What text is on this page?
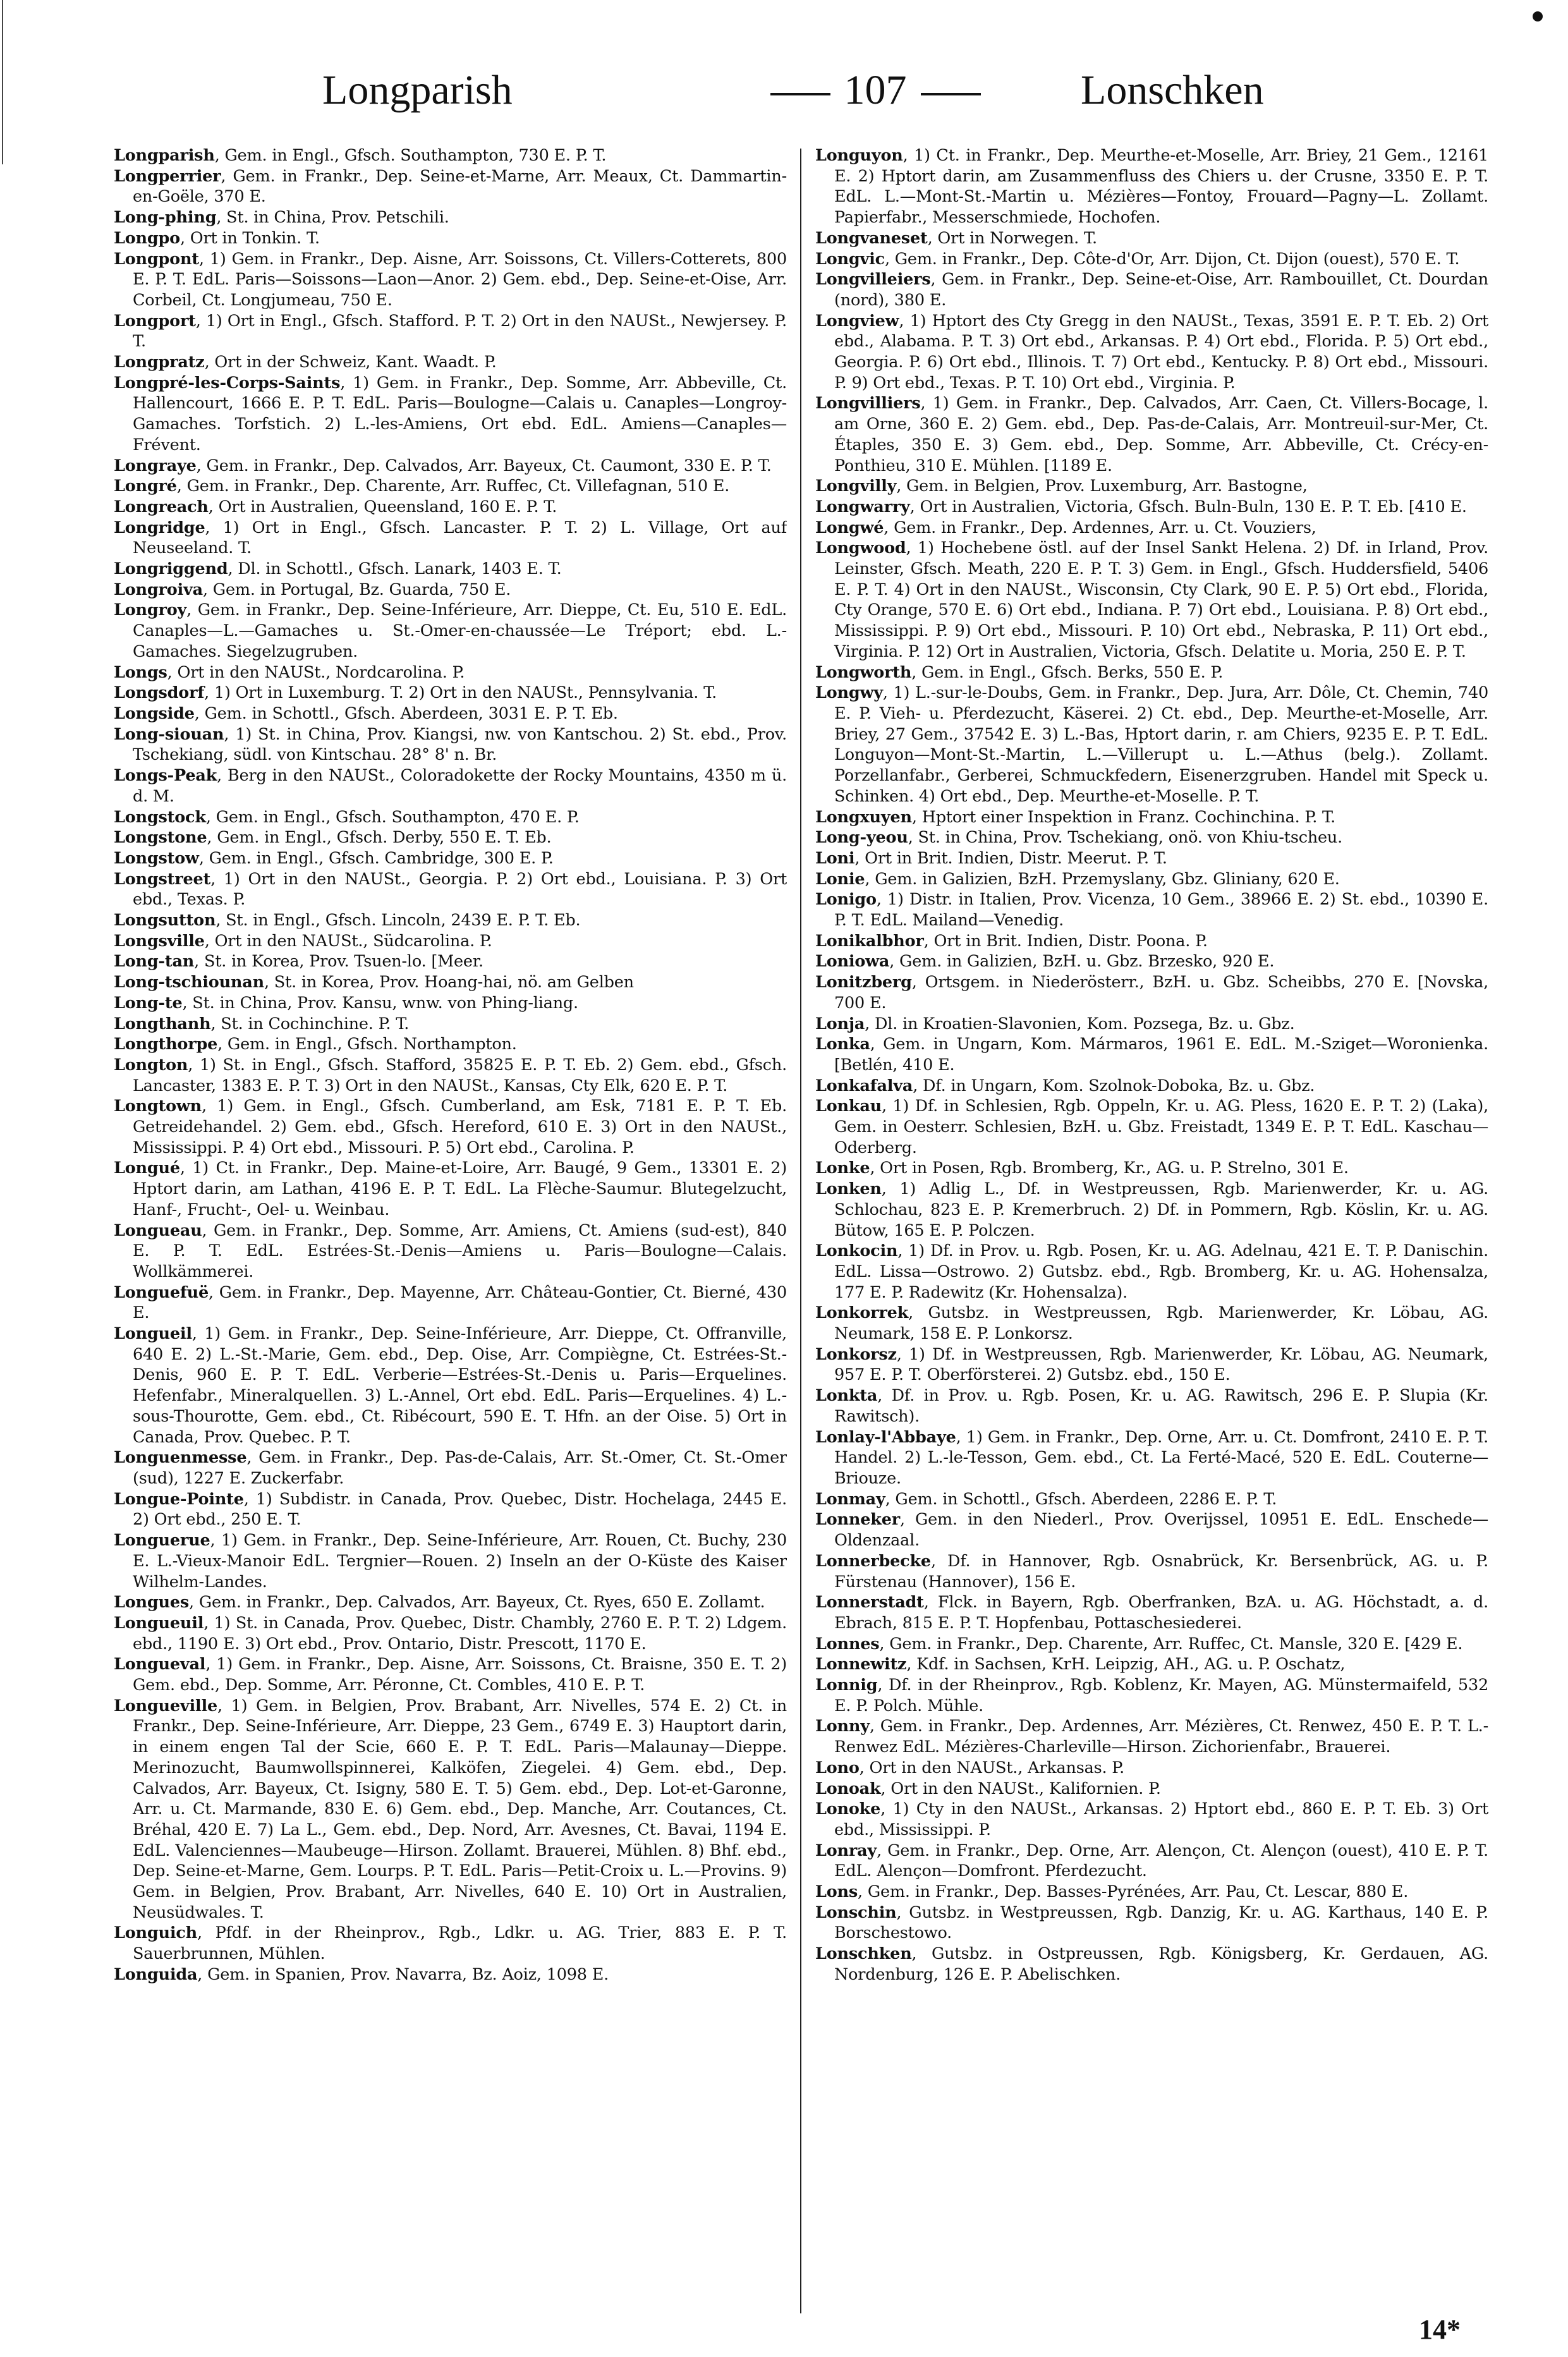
Longparish	107	Lonschken

Longparish, Gem. in Engl., Gfsch. Southampton, 730 E. P. T.

Longperrier, Gem. in Frankr., Dep. Seine-et-Marne, Arr. Meaux, Ct. Dammartin-en-Goële, 370 E.

Long-phing, St. in China, Prov. Petschili.

Longpo, Ort in Tonkin. T.

Longpont, 1) Gem. in Frankr., Dep. Aisne, Arr. Soissons, Ct. Villers-Cotterets, 800 E. P. T. EdL. Paris—Soissons—Laon—Anor. 2) Gem. ebd., Dep. Seine-et-Oise, Arr. Corbeil, Ct. Longjumeau, 750 E.

Longport, 1) Ort in Engl., Gfsch. Stafford. P. T. 2) Ort in den NAUSt., Newjersey. P. T.

Longpratz, Ort in der Schweiz, Kant. Waadt. P.

Longpré-les-Corps-Saints, 1) Gem. in Frankr., Dep. Somme, Arr. Abbeville, Ct. Hallencourt, 1666 E. P. T. EdL. Paris—Boulogne—Calais u. Canaples—Longroy-Gamaches. Torfstich. 2) L.-les-Amiens, Ort ebd. EdL. Amiens—Canaples—Frévent.

Longraye, Gem. in Frankr., Dep. Calvados, Arr. Bayeux, Ct. Caumont, 330 E. P. T.

Longré, Gem. in Frankr., Dep. Charente, Arr. Ruffec, Ct. Villefagnan, 510 E.

Longreach, Ort in Australien, Queensland, 160 E. P. T.

Longridge, 1) Ort in Engl., Gfsch. Lancaster. P. T. 2) L. Village, Ort auf Neuseeland. T.

Longriggend, Dl. in Schottl., Gfsch. Lanark, 1403 E. T.

Longroiva, Gem. in Portugal, Bz. Guarda, 750 E.

Longroy, Gem. in Frankr., Dep. Seine-Inférieure, Arr. Dieppe, Ct. Eu, 510 E. EdL. Canaples—L.—Gamaches u. St.-Omer-en-chaussée—Le Tréport; ebd. L.-Gamaches. Siegelzugruben.

Longs, Ort in den NAUSt., Nordcarolina. P.

Longsdorf, 1) Ort in Luxemburg. T. 2) Ort in den NAUSt., Pennsylvania. T.

Longside, Gem. in Schottl., Gfsch. Aberdeen, 3031 E. P. T. Eb.

Long-siouan, 1) St. in China, Prov. Kiangsi, nw. von Kantschou. 2) St. ebd., Prov. Tschekiang, südl. von Kintschau. 28° 8' n. Br.

Longs-Peak, Berg in den NAUSt., Coloradokette der Rocky Mountains, 4350 m ü. d. M.

Longstock, Gem. in Engl., Gfsch. Southampton, 470 E. P.

Longstone, Gem. in Engl., Gfsch. Derby, 550 E. T. Eb.

Longstow, Gem. in Engl., Gfsch. Cambridge, 300 E. P.

Longstreet, 1) Ort in den NAUSt., Georgia. P. 2) Ort ebd., Louisiana. P. 3) Ort ebd., Texas. P.

Longsutton, St. in Engl., Gfsch. Lincoln, 2439 E. P. T. Eb.

Longsville, Ort in den NAUSt., Südcarolina. P.

Long-tan, St. in Korea, Prov. Tsuen-lo. [Meer.

Long-tschiounan, St. in Korea, Prov. Hoang-hai, nö. am Gelben

Long-te, St. in China, Prov. Kansu, wnw. von Phing-liang.

Longthanh, St. in Cochinchine. P. T.

Longthorpe, Gem. in Engl., Gfsch. Northampton.

Longton, 1) St. in Engl., Gfsch. Stafford, 35825 E. P. T. Eb. 2) Gem. ebd., Gfsch. Lancaster, 1383 E. P. T. 3) Ort in den NAUSt., Kansas, Cty Elk, 620 E. P. T.

Longtown, 1) Gem. in Engl., Gfsch. Cumberland, am Esk, 7181 E. P. T. Eb. Getreidehandel. 2) Gem. ebd., Gfsch. Hereford, 610 E. 3) Ort in den NAUSt., Mississippi. P. 4) Ort ebd., Missouri. P. 5) Ort ebd., Carolina. P.

Longué, 1) Ct. in Frankr., Dep. Maine-et-Loire, Arr. Baugé, 9 Gem., 13301 E. 2) Hptort darin, am Lathan, 4196 E. P. T. EdL. La Flèche-Saumur. Blutegelzucht, Hanf-, Frucht-, Oel- u. Weinbau.

Longueau, Gem. in Frankr., Dep. Somme, Arr. Amiens, Ct. Amiens (sud-est), 840 E. P. T. EdL. Estrées-St.-Denis—Amiens u. Paris—Boulogne—Calais. Wollkämmerei.

Longuefuë, Gem. in Frankr., Dep. Mayenne, Arr. Château-Gontier, Ct. Bierné, 430 E.

Longueil, 1) Gem. in Frankr., Dep. Seine-Inférieure, Arr. Dieppe, Ct. Offranville, 640 E. 2) L.-St.-Marie, Gem. ebd., Dep. Oise, Arr. Compiègne, Ct. Estrées-St.-Denis, 960 E. P. T. EdL. Verberie—Estrées-St.-Denis u. Paris—Erquelines. Hefenfabr., Mineralquellen. 3) L.-Annel, Ort ebd. EdL. Paris—Erquelines. 4) L.-sous-Thourotte, Gem. ebd., Ct. Ribécourt, 590 E. T. Hfn. an der Oise. 5) Ort in Canada, Prov. Quebec. P. T.

Longuenmesse, Gem. in Frankr., Dep. Pas-de-Calais, Arr. St.-Omer, Ct. St.-Omer (sud), 1227 E. Zuckerfabr.

Longue-Pointe, 1) Subdistr. in Canada, Prov. Quebec, Distr. Hochelaga, 2445 E. 2) Ort ebd., 250 E. T.

Longuerue, 1) Gem. in Frankr., Dep. Seine-Inférieure, Arr. Rouen, Ct. Buchy, 230 E. L.-Vieux-Manoir EdL. Tergnier—Rouen. 2) Inseln an der O-Küste des Kaiser Wilhelm-Landes.

Longues, Gem. in Frankr., Dep. Calvados, Arr. Bayeux, Ct. Ryes, 650 E. Zollamt.

Longueuil, 1) St. in Canada, Prov. Quebec, Distr. Chambly, 2760 E. P. T. 2) Ldgem. ebd., 1190 E. 3) Ort ebd., Prov. Ontario, Distr. Prescott, 1170 E.

Longueval, 1) Gem. in Frankr., Dep. Aisne, Arr. Soissons, Ct. Braisne, 350 E. T. 2) Gem. ebd., Dep. Somme, Arr. Péronne, Ct. Combles, 410 E. P. T.

Longueville, 1) Gem. in Belgien, Prov. Brabant, Arr. Nivelles, 574 E. 2) Ct. in Frankr., Dep. Seine-Inférieure, Arr. Dieppe, 23 Gem., 6749 E. 3) Hauptort darin, in einem engen Tal der Scie, 660 E. P. T. EdL. Paris—Malaunay—Dieppe. Merinozucht, Baumwollspinnerei, Kalköfen, Ziegelei. 4) Gem. ebd., Dep. Calvados, Arr. Bayeux, Ct. Isigny, 580 E. T. 5) Gem. ebd., Dep. Lot-et-Garonne, Arr. u. Ct. Marmande, 830 E. 6) Gem. ebd., Dep. Manche, Arr. Coutances, Ct. Bréhal, 420 E. 7) La L., Gem. ebd., Dep. Nord, Arr. Avesnes, Ct. Bavai, 1194 E. EdL. Valenciennes—Maubeuge—Hirson. Zollamt. Brauerei, Mühlen. 8) Bhf. ebd., Dep. Seine-et-Marne, Gem. Lourps. P. T. EdL. Paris—Petit-Croix u. L.—Provins. 9) Gem. in Belgien, Prov. Brabant, Arr. Nivelles, 640 E. 10) Ort in Australien, Neusüdwales. T.

Longuich, Pfdf. in der Rheinprov., Rgb., Ldkr. u. AG. Trier, 883 E. P. T. Sauerbrunnen, Mühlen.

Longuida, Gem. in Spanien, Prov. Navarra, Bz. Aoiz, 1098 E.

Longuyon, 1) Ct. in Frankr., Dep. Meurthe-et-Moselle, Arr. Briey, 21 Gem., 12161 E. 2) Hptort darin, am Zusammenfluss des Chiers u. der Crusne, 3350 E. P. T. EdL. L.—Mont-St.-Martin u. Mézières—Fontoy, Frouard—Pagny—L. Zollamt. Papierfabr., Messerschmiede, Hochofen.

Longvaneset, Ort in Norwegen. T.

Longvic, Gem. in Frankr., Dep. Côte-d'Or, Arr. Dijon, Ct. Dijon (ouest), 570 E. T.

Longvilleiers, Gem. in Frankr., Dep. Seine-et-Oise, Arr. Rambouillet, Ct. Dourdan (nord), 380 E.

Longview, 1) Hptort des Cty Gregg in den NAUSt., Texas, 3591 E. P. T. Eb. 2) Ort ebd., Alabama. P. T. 3) Ort ebd., Arkansas. P. 4) Ort ebd., Florida. P. 5) Ort ebd., Georgia. P. 6) Ort ebd., Illinois. T. 7) Ort ebd., Kentucky. P. 8) Ort ebd., Missouri. P. 9) Ort ebd., Texas. P. T. 10) Ort ebd., Virginia. P.

Longvilliers, 1) Gem. in Frankr., Dep. Calvados, Arr. Caen, Ct. Villers-Bocage, l. am Orne, 360 E. 2) Gem. ebd., Dep. Pas-de-Calais, Arr. Montreuil-sur-Mer, Ct. Étaples, 350 E. 3) Gem. ebd., Dep. Somme, Arr. Abbeville, Ct. Crécy-en-Ponthieu, 310 E. Mühlen. [1189 E.

Longvilly, Gem. in Belgien, Prov. Luxemburg, Arr. Bastogne,

Longwarry, Ort in Australien, Victoria, Gfsch. Buln-Buln, 130 E. P. T. Eb. [410 E.

Longwé, Gem. in Frankr., Dep. Ardennes, Arr. u. Ct. Vouziers,

Longwood, 1) Hochebene östl. auf der Insel Sankt Helena. 2) Df. in Irland, Prov. Leinster, Gfsch. Meath, 220 E. P. T. 3) Gem. in Engl., Gfsch. Huddersfield, 5406 E. P. T. 4) Ort in den NAUSt., Wisconsin, Cty Clark, 90 E. P. 5) Ort ebd., Florida, Cty Orange, 570 E. 6) Ort ebd., Indiana. P. 7) Ort ebd., Louisiana. P. 8) Ort ebd., Mississippi. P. 9) Ort ebd., Missouri. P. 10) Ort ebd., Nebraska, P. 11) Ort ebd., Virginia. P. 12) Ort in Australien, Victoria, Gfsch. Delatite u. Moria, 250 E. P. T.

Longworth, Gem. in Engl., Gfsch. Berks, 550 E. P.

Longwy, 1) L.-sur-le-Doubs, Gem. in Frankr., Dep. Jura, Arr. Dôle, Ct. Chemin, 740 E. P. Vieh- u. Pferdezucht, Käserei. 2) Ct. ebd., Dep. Meurthe-et-Moselle, Arr. Briey, 27 Gem., 37542 E. 3) L.-Bas, Hptort darin, r. am Chiers, 9235 E. P. T. EdL. Longuyon—Mont-St.-Martin, L.—Villerupt u. L.—Athus (belg.). Zollamt. Porzellanfabr., Gerberei, Schmuckfedern, Eisenerzgruben. Handel mit Speck u. Schinken. 4) Ort ebd., Dep. Meurthe-et-Moselle. P. T.

Longxuyen, Hptort einer Inspektion in Franz. Cochinchina. P. T.

Long-yeou, St. in China, Prov. Tschekiang, onö. von Khiu-tscheu.

Loni, Ort in Brit. Indien, Distr. Meerut. P. T.

Lonie, Gem. in Galizien, BzH. Przemyslany, Gbz. Gliniany, 620 E.

Lonigo, 1) Distr. in Italien, Prov. Vicenza, 10 Gem., 38966 E. 2) St. ebd., 10390 E. P. T. EdL. Mailand—Venedig.

Lonikalbhor, Ort in Brit. Indien, Distr. Poona. P.

Loniowa, Gem. in Galizien, BzH. u. Gbz. Brzesko, 920 E.

Lonitzberg, Ortsgem. in Niederösterr., BzH. u. Gbz. Scheibbs, 270 E. [Novska, 700 E.

Lonja, Dl. in Kroatien-Slavonien, Kom. Pozsega, Bz. u. Gbz.

Lonka, Gem. in Ungarn, Kom. Mármaros, 1961 E. EdL. M.-Sziget—Woronienka. [Betlén, 410 E.

Lonkafalva, Df. in Ungarn, Kom. Szolnok-Doboka, Bz. u. Gbz.

Lonkau, 1) Df. in Schlesien, Rgb. Oppeln, Kr. u. AG. Pless, 1620 E. P. T. 2) (Laka), Gem. in Oesterr. Schlesien, BzH. u. Gbz. Freistadt, 1349 E. P. T. EdL. Kaschau—Oderberg.

Lonke, Ort in Posen, Rgb. Bromberg, Kr., AG. u. P. Strelno, 301 E.

Lonken, 1) Adlig L., Df. in Westpreussen, Rgb. Marienwerder, Kr. u. AG. Schlochau, 823 E. P. Kremerbruch. 2) Df. in Pommern, Rgb. Köslin, Kr. u. AG. Bütow, 165 E. P. Polczen.

Lonkocin, 1) Df. in Prov. u. Rgb. Posen, Kr. u. AG. Adelnau, 421 E. T. P. Danischin. EdL. Lissa—Ostrowo. 2) Gutsbz. ebd., Rgb. Bromberg, Kr. u. AG. Hohensalza, 177 E. P. Radewitz (Kr. Hohensalza).

Lonkorrek, Gutsbz. in Westpreussen, Rgb. Marienwerder, Kr. Löbau, AG. Neumark, 158 E. P. Lonkorsz.

Lonkorsz, 1) Df. in Westpreussen, Rgb. Marienwerder, Kr. Löbau, AG. Neumark, 957 E. P. T. Oberförsterei. 2) Gutsbz. ebd., 150 E.

Lonkta, Df. in Prov. u. Rgb. Posen, Kr. u. AG. Rawitsch, 296 E. P. Slupia (Kr. Rawitsch).

Lonlay-l'Abbaye, 1) Gem. in Frankr., Dep. Orne, Arr. u. Ct. Domfront, 2410 E. P. T. Handel. 2) L.-le-Tesson, Gem. ebd., Ct. La Ferté-Macé, 520 E. EdL. Couterne—Briouze.

Lonmay, Gem. in Schottl., Gfsch. Aberdeen, 2286 E. P. T.

Lonneker, Gem. in den Niederl., Prov. Overijssel, 10951 E. EdL. Enschede—Oldenzaal.

Lonnerbecke, Df. in Hannover, Rgb. Osnabrück, Kr. Bersenbrück, AG. u. P. Fürstenau (Hannover), 156 E.

Lonnerstadt, Flck. in Bayern, Rgb. Oberfranken, BzA. u. AG. Höchstadt, a. d. Ebrach, 815 E. P. T. Hopfenbau, Pottaschesiederei.

Lonnes, Gem. in Frankr., Dep. Charente, Arr. Ruffec, Ct. Mansle, 320 E. [429 E.

Lonnewitz, Kdf. in Sachsen, KrH. Leipzig, AH., AG. u. P. Oschatz,

Lonnig, Df. in der Rheinprov., Rgb. Koblenz, Kr. Mayen, AG. Münstermaifeld, 532 E. P. Polch. Mühle.

Lonny, Gem. in Frankr., Dep. Ardennes, Arr. Mézières, Ct. Renwez, 450 E. P. T. L.-Renwez EdL. Mézières-Charleville—Hirson. Zichorienfabr., Brauerei.

Lono, Ort in den NAUSt., Arkansas. P.

Lonoak, Ort in den NAUSt., Kalifornien. P.

Lonoke, 1) Cty in den NAUSt., Arkansas. 2) Hptort ebd., 860 E. P. T. Eb. 3) Ort ebd., Mississippi. P.

Lonray, Gem. in Frankr., Dep. Orne, Arr. Alençon, Ct. Alençon (ouest), 410 E. P. T. EdL. Alençon—Domfront. Pferdezucht.

Lons, Gem. in Frankr., Dep. Basses-Pyrénées, Arr. Pau, Ct. Lescar, 880 E.

Lonschin, Gutsbz. in Westpreussen, Rgb. Danzig, Kr. u. AG. Karthaus, 140 E. P. Borschestowo.

Lonschken, Gutsbz. in Ostpreussen, Rgb. Königsberg, Kr. Gerdauen, AG. Nordenburg, 126 E. P. Abelischken.

14*
